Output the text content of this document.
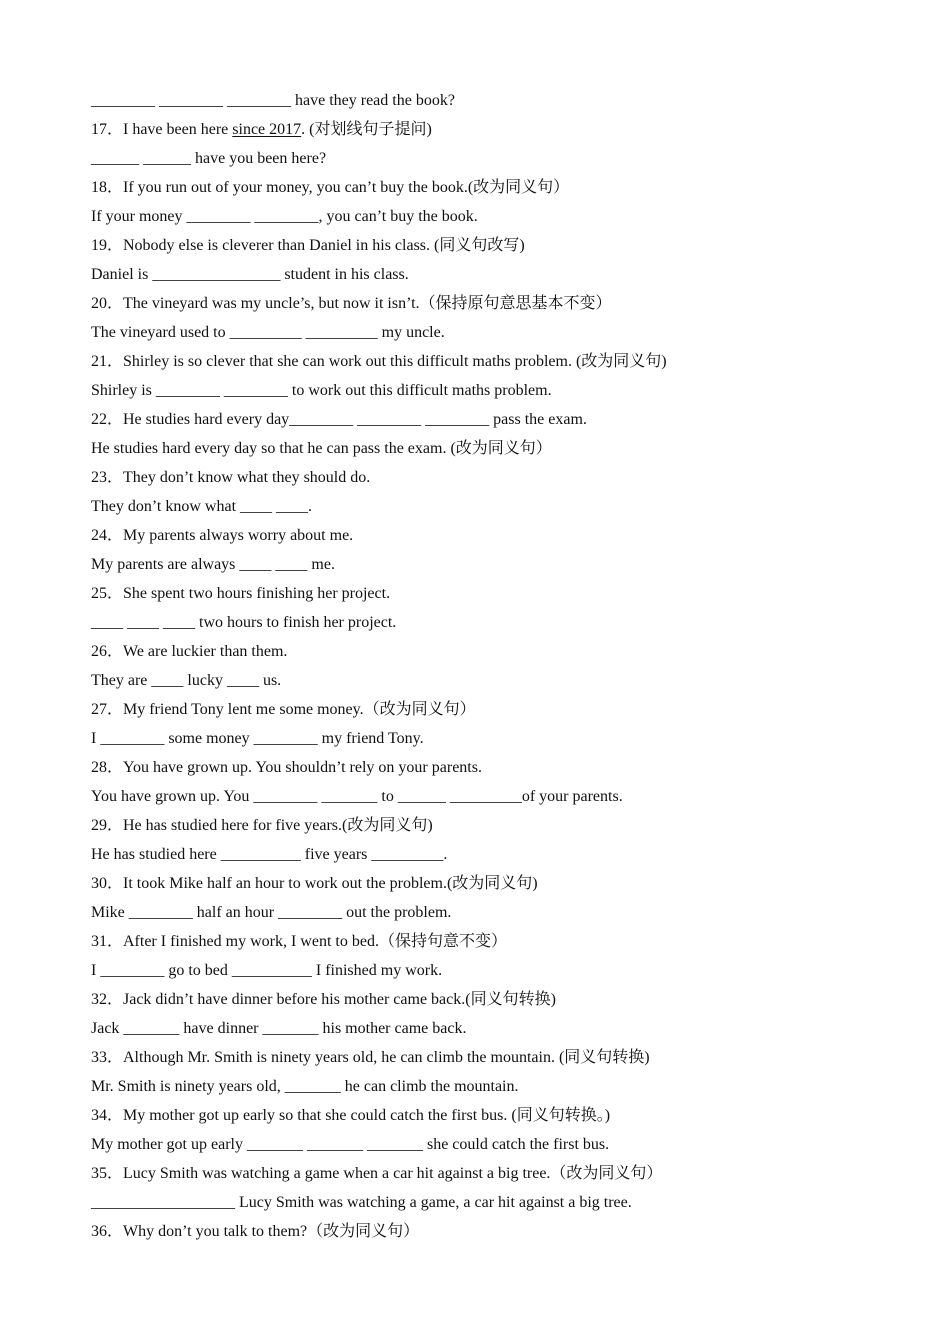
________ ________ ________ have they read the book?
17．I have been here since 2017. (对划线句子提问)
______ ______ have you been here?
18．If you run out of your money, you can’t buy the book.(改为同义句）
If your money ________ ________, you can’t buy the book.
19．Nobody else is cleverer than Daniel in his class. (同义句改写)
Daniel is ________________ student in his class.
20．The vineyard was my uncle’s, but now it isn’t.（保持原句意思基本不变）
The vineyard used to _________ _________ my uncle.
21．Shirley is so clever that she can work out this difficult maths problem. (改为同义句)
Shirley is ________ ________ to work out this difficult maths problem.
22．He studies hard every day________ ________ ________ pass the exam.
He studies hard every day so that he can pass the exam. (改为同义句）
23．They don’t know what they should do.
They don’t know what ____ ____.
24．My parents always worry about me.
My parents are always ____ ____ me.
25．She spent two hours finishing her project.
____ ____ ____ two hours to finish her project.
26．We are luckier than them.
They are ____ lucky ____ us.
27．My friend Tony lent me some money.（改为同义句）
I ________ some money ________ my friend Tony.
28．You have grown up. You shouldn’t rely on your parents.
You have grown up. You ________ _______ to ______ _________of your parents.
29．He has studied here for five years.(改为同义句)
He has studied here __________ five years _________.
30．It took Mike half an hour to work out the problem.(改为同义句)
Mike ________ half an hour ________ out the problem.
31．After I finished my work, I went to bed.（保持句意不变）
I ________ go to bed __________ I finished my work.
32．Jack didn’t have dinner before his mother came back.(同义句转换)
Jack _______ have dinner _______ his mother came back.
33．Although Mr. Smith is ninety years old, he can climb the mountain. (同义句转换)
Mr. Smith is ninety years old, _______ he can climb the mountain.
34．My mother got up early so that she could catch the first bus. (同义句转换。)
My mother got up early _______ _______ _______ she could catch the first bus.
35．Lucy Smith was watching a game when a car hit against a big tree.（改为同义句）
__________________ Lucy Smith was watching a game, a car hit against a big tree.
36．Why don’t you talk to them?（改为同义句）
